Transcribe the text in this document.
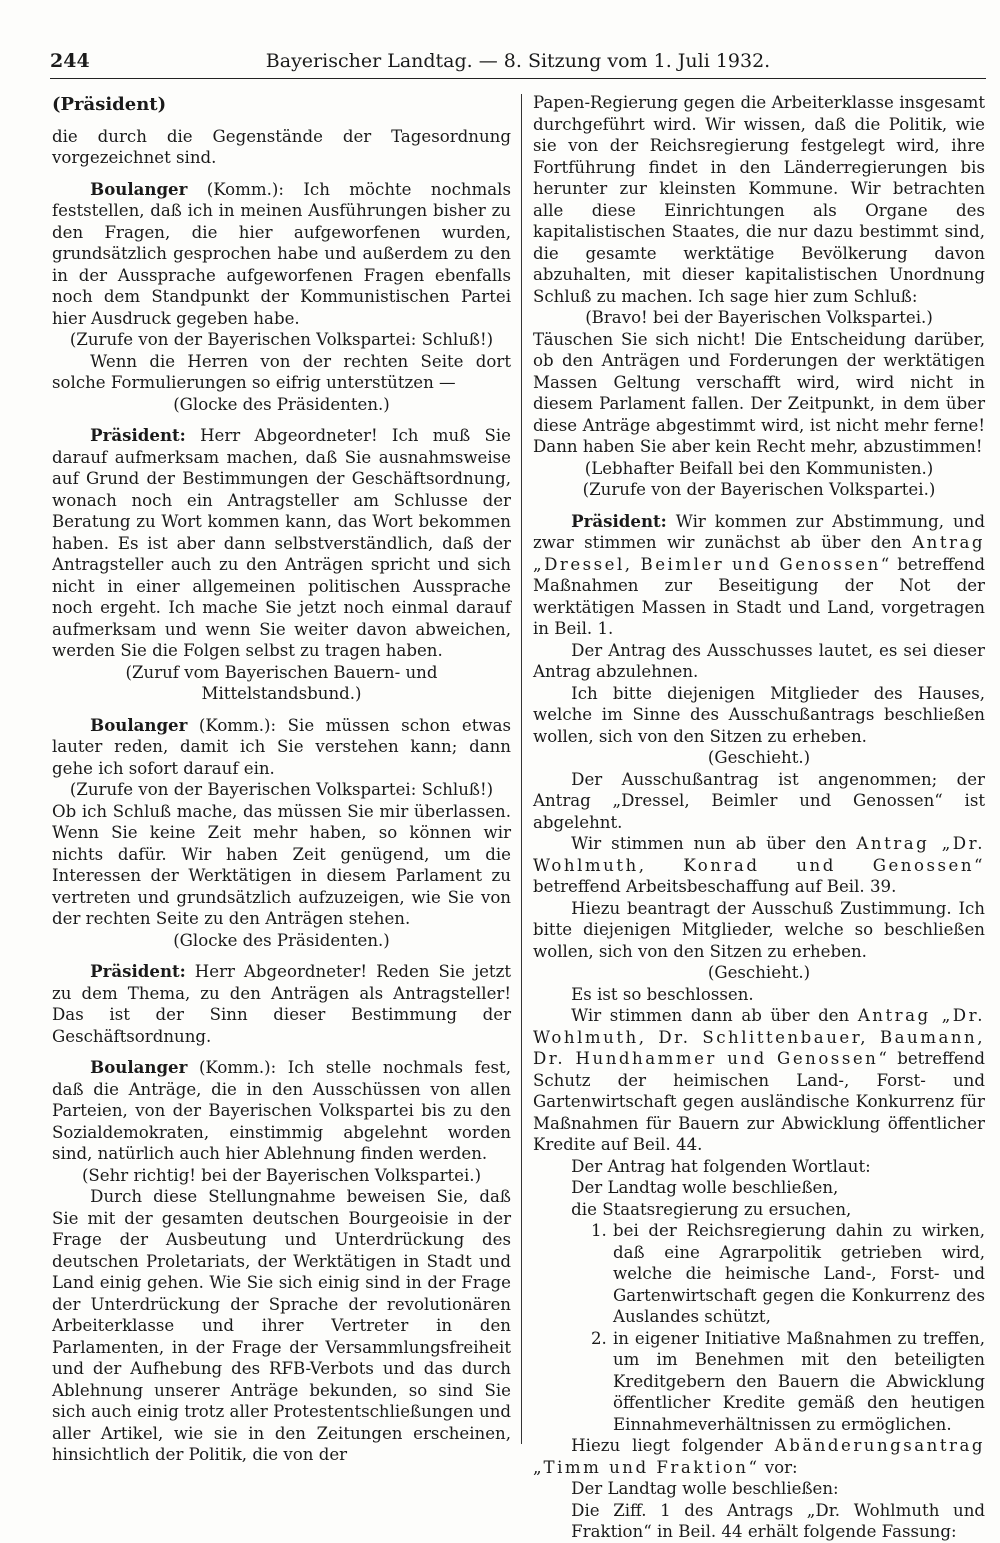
244	Bayerischer Landtag. — 8. Sitzung vom 1. Juli 1932.

(Präsident)

die durch die Gegenstände der Tagesordnung vorgezeichnet sind.

Boulanger (Komm.): Ich möchte nochmals feststellen, daß ich in meinen Ausführungen bisher zu den Fragen, die hier aufgeworfenen wurden, grundsätzlich gesprochen habe und außerdem zu den in der Aussprache aufgeworfenen Fragen ebenfalls noch dem Standpunkt der Kommunistischen Partei hier Ausdruck gegeben habe.

(Zurufe von der Bayerischen Volkspartei: Schluß!)

Wenn die Herren von der rechten Seite dort solche Formulierungen so eifrig unterstützen —

(Glocke des Präsidenten.)

Präsident: Herr Abgeordneter! Ich muß Sie darauf aufmerksam machen, daß Sie ausnahmsweise auf Grund der Bestimmungen der Geschäftsordnung, wonach noch ein Antragsteller am Schlusse der Beratung zu Wort kommen kann, das Wort bekommen haben. Es ist aber dann selbstverständlich, daß der Antragsteller auch zu den Anträgen spricht und sich nicht in einer allgemeinen politischen Aussprache noch ergeht. Ich mache Sie jetzt noch einmal darauf aufmerksam und wenn Sie weiter davon abweichen, werden Sie die Folgen selbst zu tragen haben.

(Zuruf vom Bayerischen Bauern- und Mittelstandsbund.)

Boulanger (Komm.): Sie müssen schon etwas lauter reden, damit ich Sie verstehen kann; dann gehe ich sofort darauf ein.

(Zurufe von der Bayerischen Volkspartei: Schluß!)

Ob ich Schluß mache, das müssen Sie mir überlassen. Wenn Sie keine Zeit mehr haben, so können wir nichts dafür. Wir haben Zeit genügend, um die Interessen der Werktätigen in diesem Parlament zu vertreten und grundsätzlich aufzuzeigen, wie Sie von der rechten Seite zu den Anträgen stehen.

(Glocke des Präsidenten.)

Präsident: Herr Abgeordneter! Reden Sie jetzt zu dem Thema, zu den Anträgen als Antragsteller! Das ist der Sinn dieser Bestimmung der Geschäftsordnung.

Boulanger (Komm.): Ich stelle nochmals fest, daß die Anträge, die in den Ausschüssen von allen Parteien, von der Bayerischen Volkspartei bis zu den Sozialdemokraten, einstimmig abgelehnt worden sind, natürlich auch hier Ablehnung finden werden.

(Sehr richtig! bei der Bayerischen Volkspartei.)

Durch diese Stellungnahme beweisen Sie, daß Sie mit der gesamten deutschen Bourgeoisie in der Frage der Ausbeutung und Unterdrückung des deutschen Proletariats, der Werktätigen in Stadt und Land einig gehen. Wie Sie sich einig sind in der Frage der Unterdrückung der Sprache der revolutionären Arbeiterklasse und ihrer Vertreter in den Parlamenten, in der Frage der Versammlungsfreiheit und der Aufhebung des RFB-Verbots und das durch Ablehnung unserer Anträge bekunden, so sind Sie sich auch einig trotz aller Protestentschließungen und aller Artikel, wie sie in den Zeitungen erscheinen, hinsichtlich der Politik, die von der

Papen-Regierung gegen die Arbeiterklasse insgesamt durchgeführt wird. Wir wissen, daß die Politik, wie sie von der Reichsregierung festgelegt wird, ihre Fortführung findet in den Länderregierungen bis herunter zur kleinsten Kommune. Wir betrachten alle diese Einrichtungen als Organe des kapitalistischen Staates, die nur dazu bestimmt sind, die gesamte werktätige Bevölkerung davon abzuhalten, mit dieser kapitalistischen Unordnung Schluß zu machen. Ich sage hier zum Schluß:

(Bravo! bei der Bayerischen Volkspartei.)

Täuschen Sie sich nicht! Die Entscheidung darüber, ob den Anträgen und Forderungen der werktätigen Massen Geltung verschafft wird, wird nicht in diesem Parlament fallen. Der Zeitpunkt, in dem über diese Anträge abgestimmt wird, ist nicht mehr ferne! Dann haben Sie aber kein Recht mehr, abzustimmen!

(Lebhafter Beifall bei den Kommunisten.)

(Zurufe von der Bayerischen Volkspartei.)

Präsident: Wir kommen zur Abstimmung, und zwar stimmen wir zunächst ab über den Antrag „Dressel, Beimler und Genossen“ betreffend Maßnahmen zur Beseitigung der Not der werktätigen Massen in Stadt und Land, vorgetragen in Beil. 1.

Der Antrag des Ausschusses lautet, es sei dieser Antrag abzulehnen.

Ich bitte diejenigen Mitglieder des Hauses, welche im Sinne des Ausschußantrags beschließen wollen, sich von den Sitzen zu erheben.

(Geschieht.)

Der Ausschußantrag ist angenommen; der Antrag „Dressel, Beimler und Genossen“ ist abgelehnt.

Wir stimmen nun ab über den Antrag „Dr. Wohlmuth, Konrad und Genossen“ betreffend Arbeitsbeschaffung auf Beil. 39.

Hiezu beantragt der Ausschuß Zustimmung. Ich bitte diejenigen Mitglieder, welche so beschließen wollen, sich von den Sitzen zu erheben.

(Geschieht.)

Es ist so beschlossen.

Wir stimmen dann ab über den Antrag „Dr. Wohlmuth, Dr. Schlittenbauer, Baumann, Dr. Hundhammer und Genossen“ betreffend Schutz der heimischen Land-, Forst- und Gartenwirtschaft gegen ausländische Konkurrenz für Maßnahmen für Bauern zur Abwicklung öffentlicher Kredite auf Beil. 44.

Der Antrag hat folgenden Wortlaut:

Der Landtag wolle beschließen,

die Staatsregierung zu ersuchen,

1. bei der Reichsregierung dahin zu wirken, daß eine Agrarpolitik getrieben wird, welche die heimische Land-, Forst- und Gartenwirtschaft gegen die Konkurrenz des Auslandes schützt,
2. in eigener Initiative Maßnahmen zu treffen, um im Benehmen mit den beteiligten Kreditgebern den Bauern die Abwicklung öffentlicher Kredite gemäß den heutigen Einnahmeverhältnissen zu ermöglichen.

Hiezu liegt folgender Abänderungsantrag „Timm und Fraktion“ vor:

Der Landtag wolle beschließen:

Die Ziff. 1 des Antrags „Dr. Wohlmuth und Fraktion“ in Beil. 44 erhält folgende Fassung:
